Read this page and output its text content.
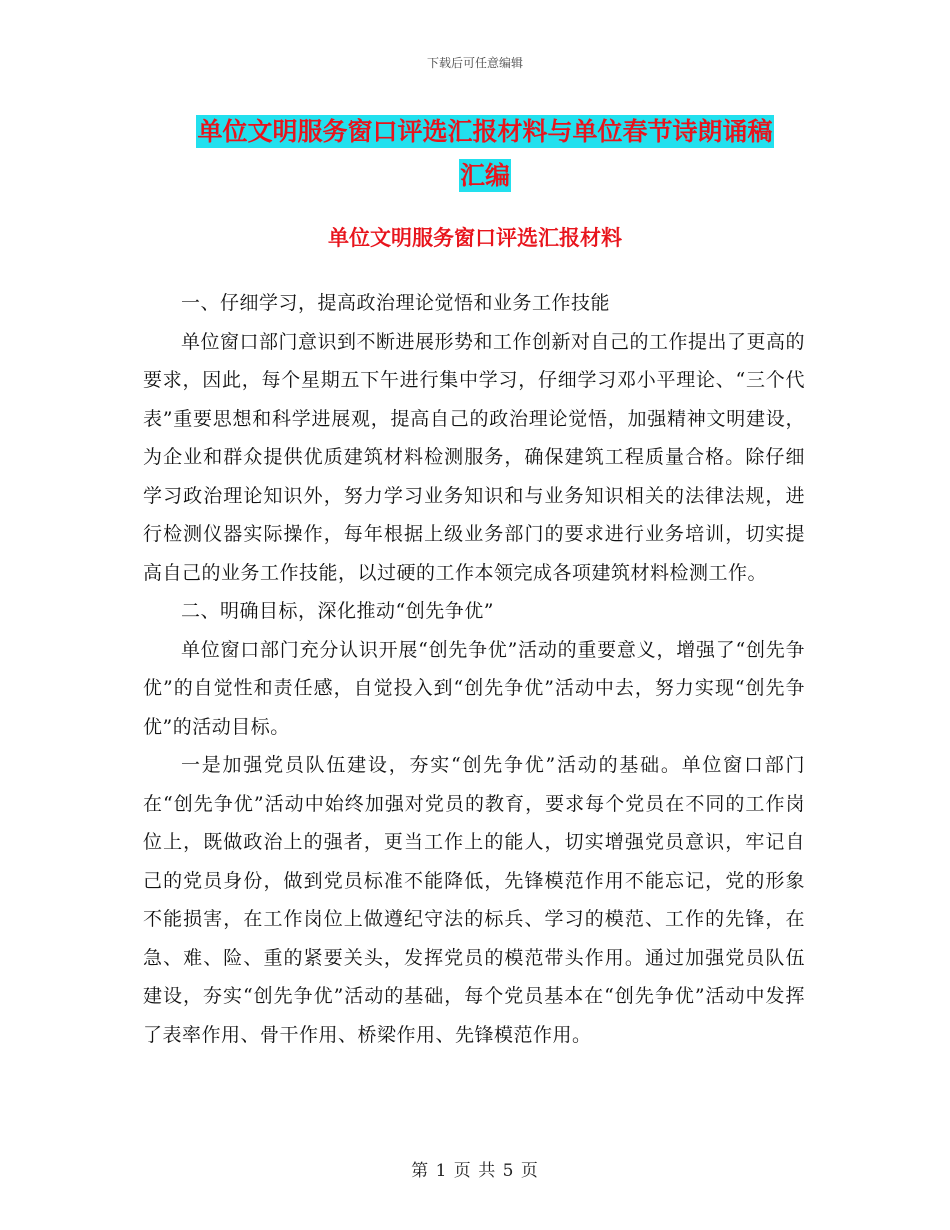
下载后可任意编辑
单位文明服务窗口评选汇报材料与单位春节诗朗诵稿
汇编
单位文明服务窗口评选汇报材料

一、仔细学习，提高政治理论觉悟和业务工作技能

单位窗口部门意识到不断进展形势和工作创新对自己的工作提出了更高的要求，因此，每个星期五下午进行集中学习，仔细学习邓小平理论、“三个代表”重要思想和科学进展观，提高自己的政治理论觉悟，加强精神文明建设，为企业和群众提供优质建筑材料检测服务，确保建筑工程质量合格。除仔细学习政治理论知识外，努力学习业务知识和与业务知识相关的法律法规，进行检测仪器实际操作，每年根据上级业务部门的要求进行业务培训，切实提高自己的业务工作技能，以过硬的工作本领完成各项建筑材料检测工作。

二、明确目标，深化推动“创先争优”

单位窗口部门充分认识开展“创先争优”活动的重要意义，增强了“创先争优”的自觉性和责任感，自觉投入到“创先争优”活动中去，努力实现“创先争优”的活动目标。

一是加强党员队伍建设，夯实“创先争优”活动的基础。单位窗口部门在“创先争优”活动中始终加强对党员的教育，要求每个党员在不同的工作岗位上，既做政治上的强者，更当工作上的能人，切实增强党员意识，牢记自己的党员身份，做到党员标准不能降低，先锋模范作用不能忘记，党的形象不能损害，在工作岗位上做遵纪守法的标兵、学习的模范、工作的先锋，在急、难、险、重的紧要关头，发挥党员的模范带头作用。通过加强党员队伍建设，夯实“创先争优”活动的基础，每个党员基本在“创先争优”活动中发挥了表率作用、骨干作用、桥梁作用、先锋模范作用。

第 1 页 共 5 页
